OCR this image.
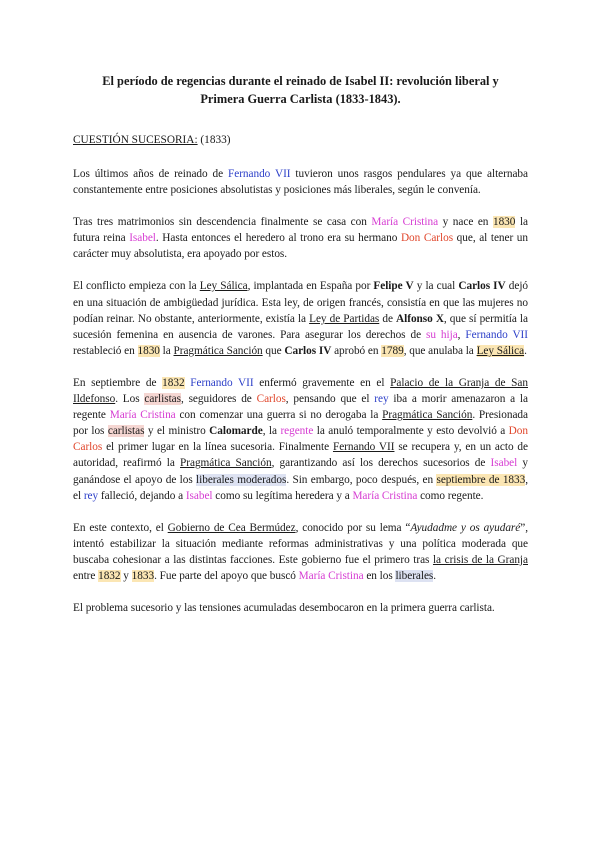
El período de regencias durante el reinado de Isabel II: revolución liberal y
Primera Guerra Carlista (1833-1843).
CUESTIÓN SUCESORIA: (1833)

Los últimos años de reinado de Fernando VII tuvieron unos rasgos pendulares ya que alternaba constantemente entre posiciones absolutistas y posiciones más liberales, según le convenía.

Tras tres matrimonios sin descendencia finalmente se casa con María Cristina y nace en 1830 la futura reina Isabel. Hasta entonces el heredero al trono era su hermano Don Carlos que, al tener un carácter muy absolutista, era apoyado por estos.

El conflicto empieza con la Ley Sálica, implantada en España por Felipe V y la cual Carlos IV dejó en una situación de ambigüedad jurídica. Esta ley, de origen francés, consistía en que las mujeres no podían reinar. No obstante, anteriormente, existía la Ley de Partidas de Alfonso X, que sí permitía la sucesión femenina en ausencia de varones. Para asegurar los derechos de su hija, Fernando VII restableció en 1830 la Pragmática Sanción que Carlos IV aprobó en 1789, que anulaba la Ley Sálica.

En septiembre de 1832 Fernando VII enfermó gravemente en el Palacio de la Granja de San Ildefonso. Los carlistas, seguidores de Carlos, pensando que el rey iba a morir amenazaron a la regente María Cristina con comenzar una guerra si no derogaba la Pragmática Sanción. Presionada por los carlistas y el ministro Calomarde, la regente la anuló temporalmente y esto devolvió a Don Carlos el primer lugar en la línea sucesoria. Finalmente Fernando VII se recupera y, en un acto de autoridad, reafirmó la Pragmática Sanción, garantizando así los derechos sucesorios de Isabel y ganándose el apoyo de los liberales moderados. Sin embargo, poco después, en septiembre de 1833, el rey falleció, dejando a Isabel como su legítima heredera y a María Cristina como regente.

En este contexto, el Gobierno de Cea Bermúdez, conocido por su lema “Ayudadme y os ayudaré”, intentó estabilizar la situación mediante reformas administrativas y una política moderada que buscaba cohesionar a las distintas facciones. Este gobierno fue el primero tras la crisis de la Granja entre 1832 y 1833. Fue parte del apoyo que buscó María Cristina en los liberales.

El problema sucesorio y las tensiones acumuladas desembocaron en la primera guerra carlista.
